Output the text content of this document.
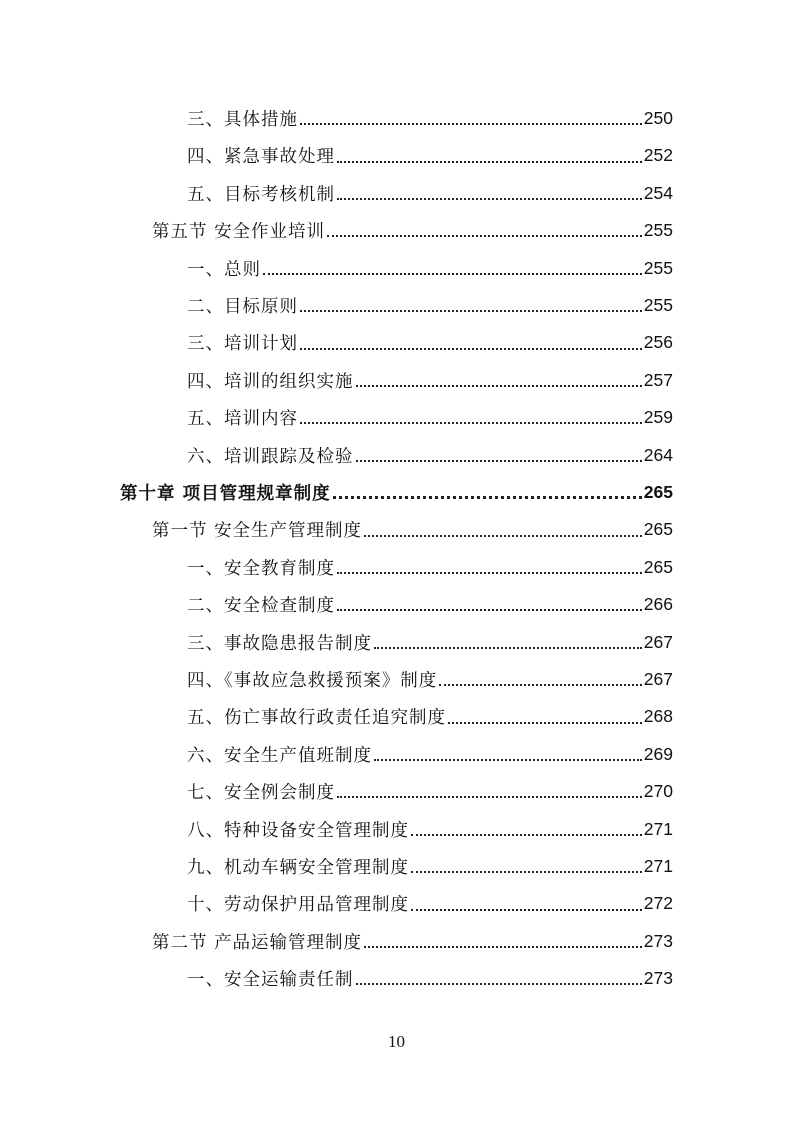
三、具体措施	250
四、紧急事故处理	252
五、目标考核机制	254
第五节 安全作业培训	255
一、总则	255
二、目标原则	255
三、培训计划	256
四、培训的组织实施	257
五、培训内容	259
六、培训跟踪及检验	264
第十章 项目管理规章制度	265
第一节 安全生产管理制度	265
一、安全教育制度	265
二、安全检查制度	266
三、事故隐患报告制度	267
四、《事故应急救援预案》制度	267
五、伤亡事故行政责任追究制度	268
六、安全生产值班制度	269
七、安全例会制度	270
八、特种设备安全管理制度	271
九、机动车辆安全管理制度	271
十、劳动保护用品管理制度	272
第二节 产品运输管理制度	273
一、安全运输责任制	273
10
